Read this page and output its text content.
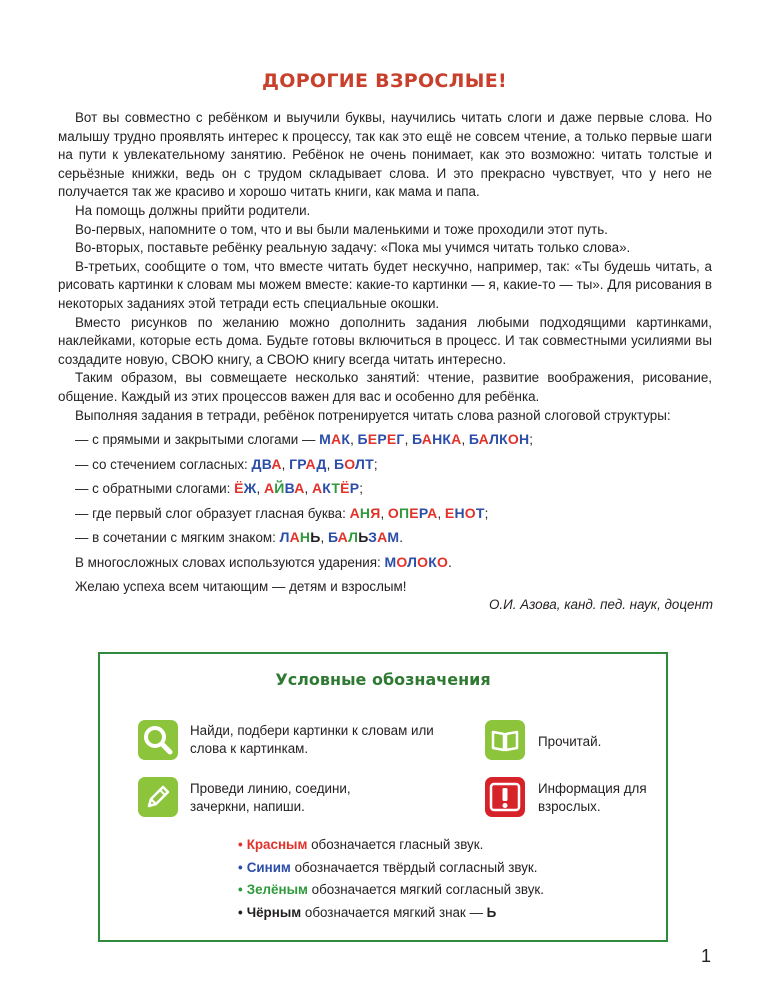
ДОРОГИЕ ВЗРОСЛЫЕ!

Вот вы совместно с ребёнком и выучили буквы, научились читать слоги и даже первые слова. Но малышу трудно проявлять интерес к процессу, так как это ещё не совсем чтение, а только первые шаги на пути к увлекательному занятию. Ребёнок не очень понимает, как это возможно: читать толстые и серьёзные книжки, ведь он с трудом складывает слова. И это прекрасно чувствует, что у него не получается так же красиво и хорошо читать книги, как мама и папа.

На помощь должны прийти родители.

Во-первых, напомните о том, что и вы были маленькими и тоже проходили этот путь.

Во-вторых, поставьте ребёнку реальную задачу: «Пока мы учимся читать только слова».

В-третьих, сообщите о том, что вместе читать будет нескучно, например, так: «Ты будешь читать, а рисовать картинки к словам мы можем вместе: какие-то картинки — я, какие-то — ты». Для рисования в некоторых заданиях этой тетради есть специальные окошки.

Вместо рисунков по желанию можно дополнить задания любыми подходящими картинками, наклейками, которые есть дома. Будьте готовы включиться в процесс. И так совместными усилиями вы создадите новую, СВОЮ книгу, а СВОЮ книгу всегда читать интересно.

Таким образом, вы совмещаете несколько занятий: чтение, развитие воображения, рисование, общение. Каждый из этих процессов важен для вас и особенно для ребёнка.

Выполняя задания в тетради, ребёнок потренируется читать слова разной слоговой структуры:

— с прямыми и закрытыми слогами — МАК, БЕРЕГ, БАНКА, БАЛКОН;

— со стечением согласных: ДВА, ГРАД, БОЛТ;

— с обратными слогами: ЁЖ, АЙВА, АКТЁР;

— где первый слог образует гласная буква: АНЯ, ОПЕРА, ЕНОТ;

— в сочетании с мягким знаком: ЛАНЬ, БАЛЬЗАМ.

В многосложных словах используются ударения: МОЛОКО.

Желаю успеха всем читающим — детям и взрослым!

О.И. Азова, канд. пед. наук, доцент
Условные обозначения
Найди, подбери картинки к словам или слова к картинкам.	Прочитай.
Проведи линию, соедини, зачеркни, напиши.
Информация для взрослых.
• Красным обозначается гласный звук.
• Синим обозначается твёрдый согласный звук.
• Зелёным обозначается мягкий согласный звук.
• Чёрным обозначается мягкий знак — Ь
1
